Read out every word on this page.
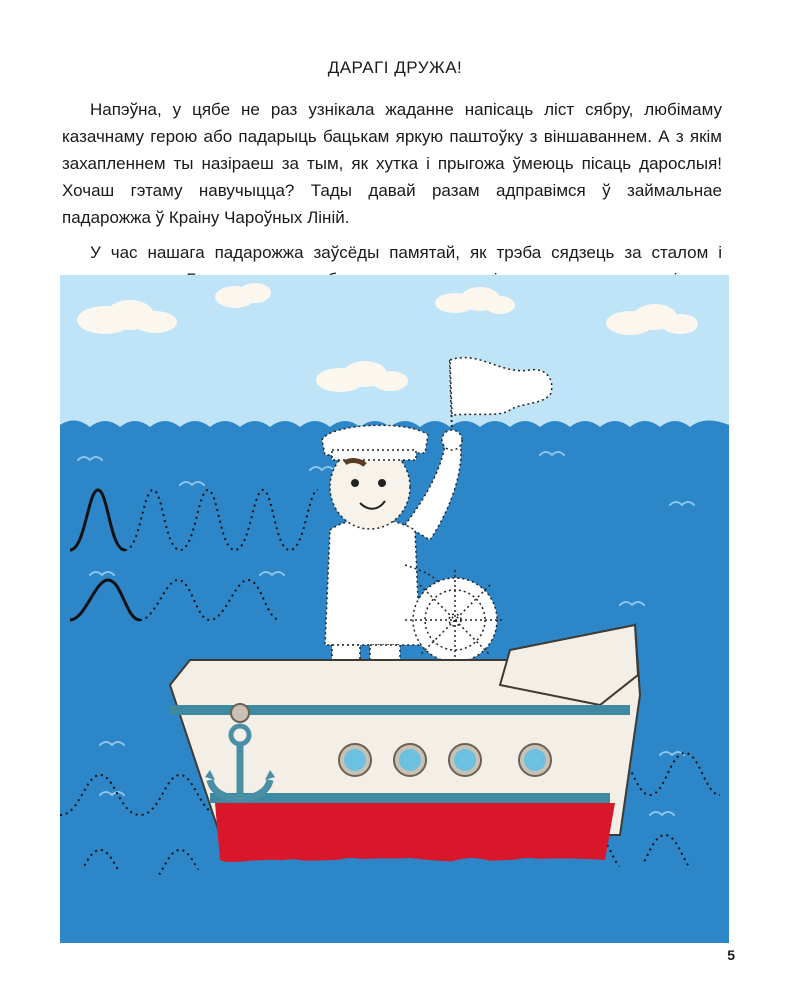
ДАРАГІ ДРУЖА!

Напэўна, у цябе не раз узнікала жаданне напісаць ліст сябру, любімаму казачнаму герою або падарыць бацькам яркую паштоўку з віншаваннем. А з якім захапленнем ты назіраеш за тым, як хутка і прыгожа ўмеюць пісаць дарослыя! Хочаш гэтаму навучыцца? Тады давай разам адправімся ў займальнае падарожжа ў Краіну Чароўных Ліній.

У час нашага падарожжа заўсёды памятай, як трэба сядзець за сталом і

5
